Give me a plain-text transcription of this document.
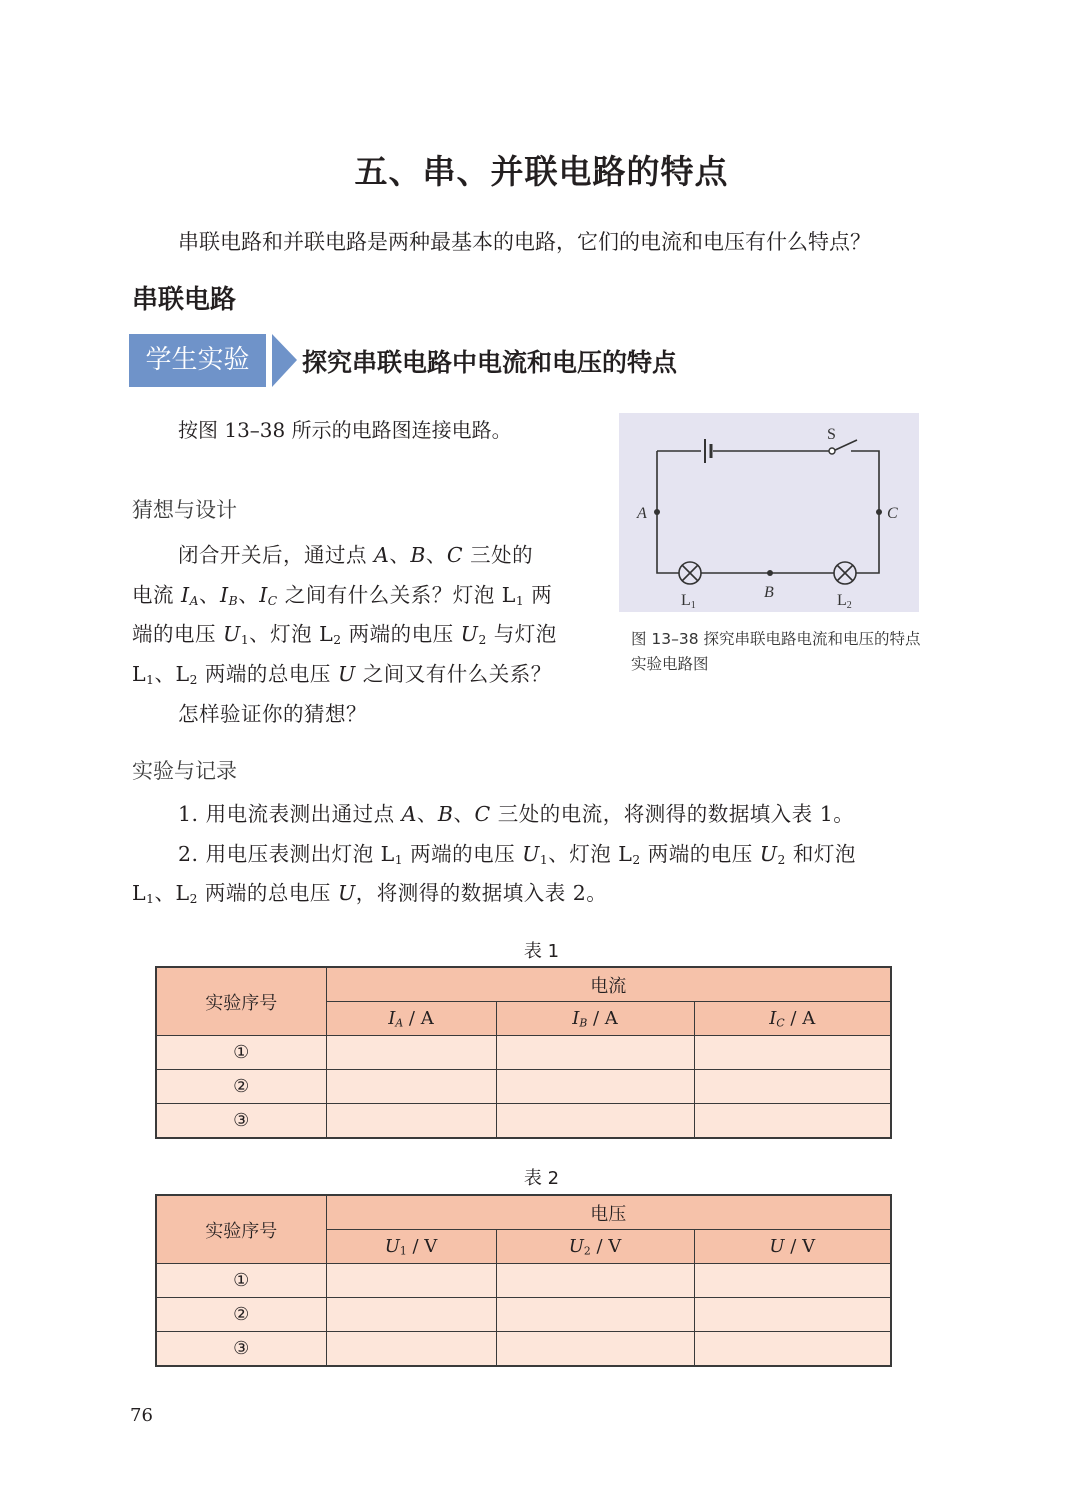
五、串、并联电路的特点
串联电路和并联电路是两种最基本的电路，它们的电流和电压有什么特点？
串联电路
学生实验	探究串联电路中电流和电压的特点
按图 13–38 所示的电路图连接电路。
猜想与设计
闭合开关后，通过点 A、B、C 三处的
电流 $I_A$、$I_B$、$I_C$ 之间有什么关系？灯泡 $L_1$ 两
端的电压 $U_1$、灯泡 $L_2$ 两端的电压 $U_2$ 与灯泡
$L_1$、$L_2$ 两端的总电压 U 之间又有什么关系？
怎样验证你的猜想？
S
A	C
B
L1	L2
图 13–38 探究串联电路电流和电压的特点实验电路图
实验与记录
1. 用电流表测出通过点 A、B、C 三处的电流，将测得的数据填入表 1。
2. 用电压表测出灯泡 $L_1$ 两端的电压 $U_1$、灯泡 $L_2$ 两端的电压 $U_2$ 和灯泡
$L_1$、$L_2$ 两端的总电压 U，将测得的数据填入表 2。
表 1
实验序号	电流		
	$I_A$ / A	$I_B$ / A	$I_C$ / A
①			
②			
③			
表 2
实验序号	电压		
	$U_1$ / V	$U_2$ / V	U / V
①			
②			
③			
76
